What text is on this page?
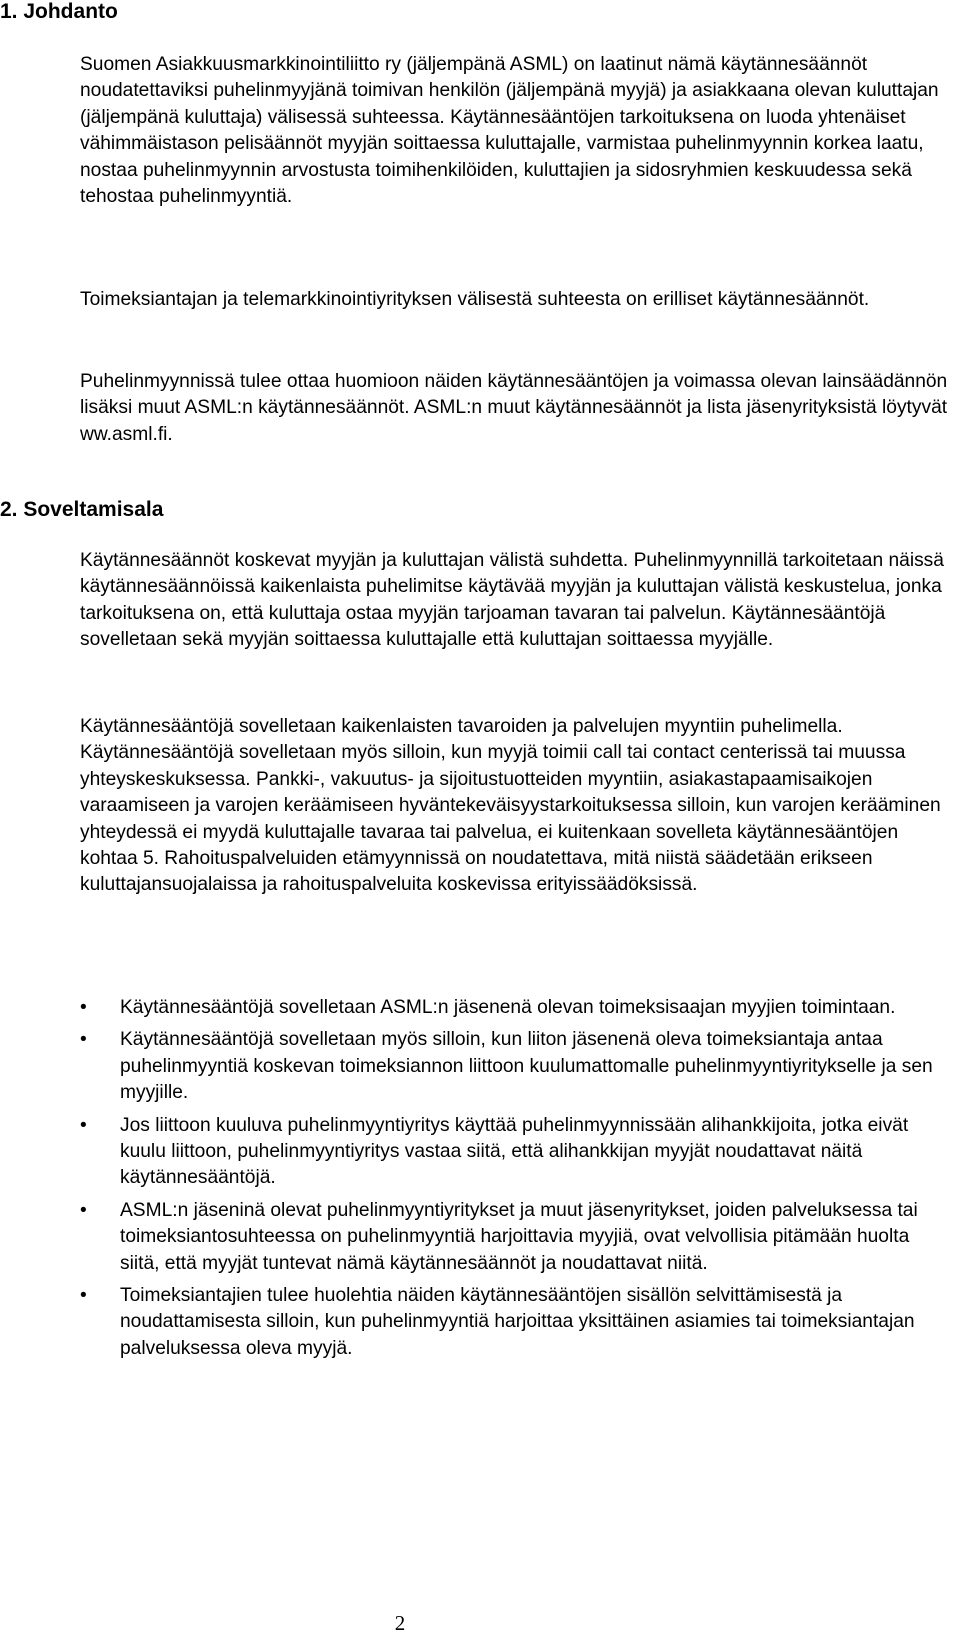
1. Johdanto

Suomen Asiakkuusmarkkinointiliitto ry (jäljempänä ASML) on laatinut nämä käytännesäännöt noudatettaviksi puhelinmyyjänä toimivan henkilön (jäljempänä myyjä) ja asiakkaana olevan kuluttajan (jäljempänä kuluttaja) välisessä suhteessa. Käytännesääntöjen tarkoituksena on luoda yhtenäiset vähimmäistason pelisäännöt myyjän soittaessa kuluttajalle, varmistaa puhelinmyynnin korkea laatu, nostaa puhelinmyynnin arvostusta toimihenkilöiden, kuluttajien ja sidosryhmien keskuudessa sekä tehostaa puhelinmyyntiä.

Toimeksiantajan ja telemarkkinointiyrityksen välisestä suhteesta on erilliset käytännesäännöt.

Puhelinmyynnissä tulee ottaa huomioon näiden käytännesääntöjen ja voimassa olevan lainsäädännön lisäksi muut ASML:n käytännesäännöt. ASML:n muut käytännesäännöt ja lista jäsenyrityksistä löytyvät ww.asml.fi.

2. Soveltamisala

Käytännesäännöt koskevat myyjän ja kuluttajan välistä suhdetta. Puhelinmyynnillä tarkoitetaan näissä käytännesäännöissä kaikenlaista puhelimitse käytävää myyjän ja kuluttajan välistä keskustelua, jonka tarkoituksena on, että kuluttaja ostaa myyjän tarjoaman tavaran tai palvelun. Käytännesääntöjä sovelletaan sekä myyjän soittaessa kuluttajalle että kuluttajan soittaessa myyjälle.

Käytännesääntöjä sovelletaan kaikenlaisten tavaroiden ja palvelujen myyntiin puhelimella. Käytännesääntöjä sovelletaan myös silloin, kun myyjä toimii call tai contact centerissä tai muussa yhteyskeskuksessa. Pankki-, vakuutus- ja sijoitustuotteiden myyntiin, asiakastapaamisaikojen varaamiseen ja varojen keräämiseen hyväntekeväisyystarkoituksessa silloin, kun varojen kerääminen yhteydessä ei myydä kuluttajalle tavaraa tai palvelua, ei kuitenkaan sovelleta käytännesääntöjen kohtaa 5. Rahoituspalveluiden etämyynnissä on noudatettava, mitä niistä säädetään erikseen kuluttajansuojalaissa ja rahoituspalveluita koskevissa erityissäädöksissä.

• Käytännesääntöjä sovelletaan ASML:n jäsenenä olevan toimeksisaajan myyjien toimintaan.
• Käytännesääntöjä sovelletaan myös silloin, kun liiton jäsenenä oleva toimeksiantaja antaa puhelinmyyntiä koskevan toimeksiannon liittoon kuulumattomalle puhelinmyyntiyritykselle ja sen myyjille.
• Jos liittoon kuuluva puhelinmyyntiyritys käyttää puhelinmyynnissään alihankkijoita, jotka eivät kuulu liittoon, puhelinmyyntiyritys vastaa siitä, että alihankkijan myyjät noudattavat näitä käytännesääntöjä.
• ASML:n jäseninä olevat puhelinmyyntiyritykset ja muut jäsenyritykset, joiden palveluksessa tai toimeksiantosuhteessa on puhelinmyyntiä harjoittavia myyjiä, ovat velvollisia pitämään huolta siitä, että myyjät tuntevat nämä käytännesäännöt ja noudattavat niitä.
• Toimeksiantajien tulee huolehtia näiden käytännesääntöjen sisällön selvittämisestä ja noudattamisesta silloin, kun puhelinmyyntiä harjoittaa yksittäinen asiamies tai toimeksiantajan palveluksessa oleva myyjä.
2
